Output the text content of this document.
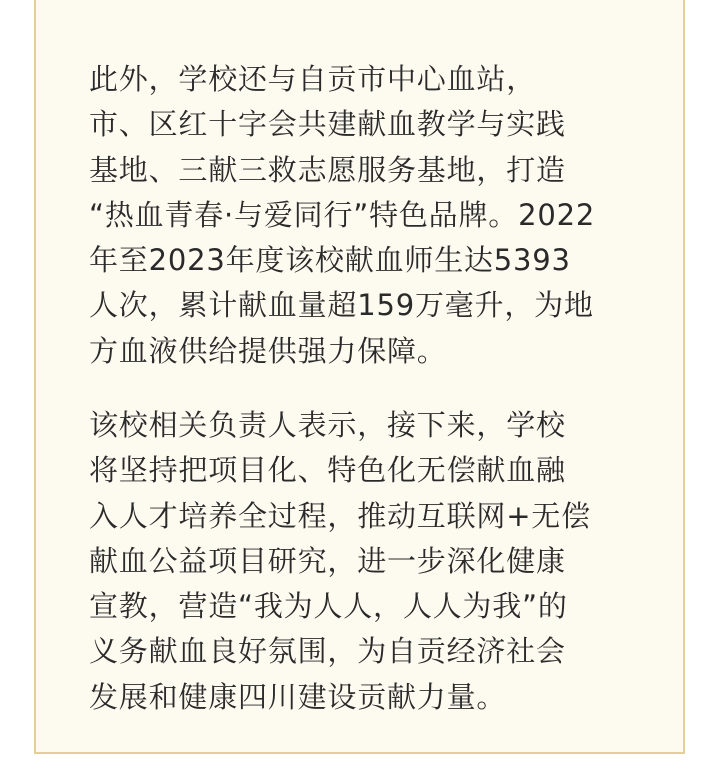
此外，学校还与自贡市中心血站，
市、区红十字会共建献血教学与实践
基地、三献三救志愿服务基地，打造
“热血青春·与爱同行”特色品牌。2022
年至2023年度该校献血师生达5393
人次，累计献血量超159万毫升，为地
方血液供给提供强力保障。

该校相关负责人表示，接下来，学校
将坚持把项目化、特色化无偿献血融
入人才培养全过程，推动互联网+无偿
献血公益项目研究，进一步深化健康
宣教，营造“我为人人，人人为我”的
义务献血良好氛围，为自贡经济社会
发展和健康四川建设贡献力量。
